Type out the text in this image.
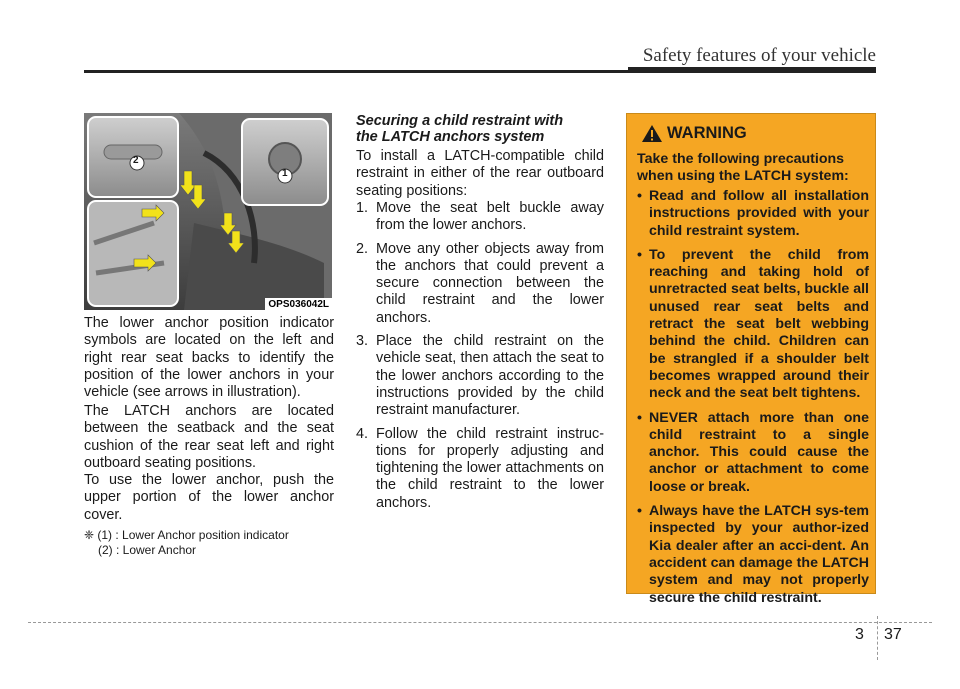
Safety features of your vehicle
2
1
OPS036042L
The lower anchor position indicator symbols are located on the left and right rear seat backs to identify the position of the lower anchors in your vehicle (see arrows in illustration).
The LATCH anchors are located between the seatback and the seat cushion of the rear seat left and right outboard seating positions.
To use the lower anchor, push the upper portion of the lower anchor cover.
❈ (1) : Lower Anchor position indicator
(2) : Lower Anchor
Securing a child restraint with
the LATCH anchors system
To install a LATCH-compatible child restraint in either of the rear outboard seating positions:
1. Move the seat belt buckle away from the lower anchors.
2. Move any other objects away from the anchors that could prevent a secure connection between the child restraint and the lower anchors.
3. Place the child restraint on the vehicle seat, then attach the seat to the lower anchors according to the instructions provided by the child restraint manufacturer.
4. Follow the child restraint instruc-tions for properly adjusting and tightening the lower attachments on the child restraint to the lower anchors.
WARNING
Take the following precautions when using the LATCH system:
• Read and follow all installation instructions provided with your child restraint system.
• To prevent the child from reaching and taking hold of unretracted seat belts, buckle all unused rear seat belts and retract the seat belt webbing behind the child. Children can be strangled if a shoulder belt becomes wrapped around their neck and the seat belt tightens.
• NEVER attach more than one child restraint to a single anchor. This could cause the anchor or attachment to come loose or break.
• Always have the LATCH sys-tem inspected by your author-ized Kia dealer after an acci-dent. An accident can damage the LATCH system and may not properly secure the child restraint.
3 37
